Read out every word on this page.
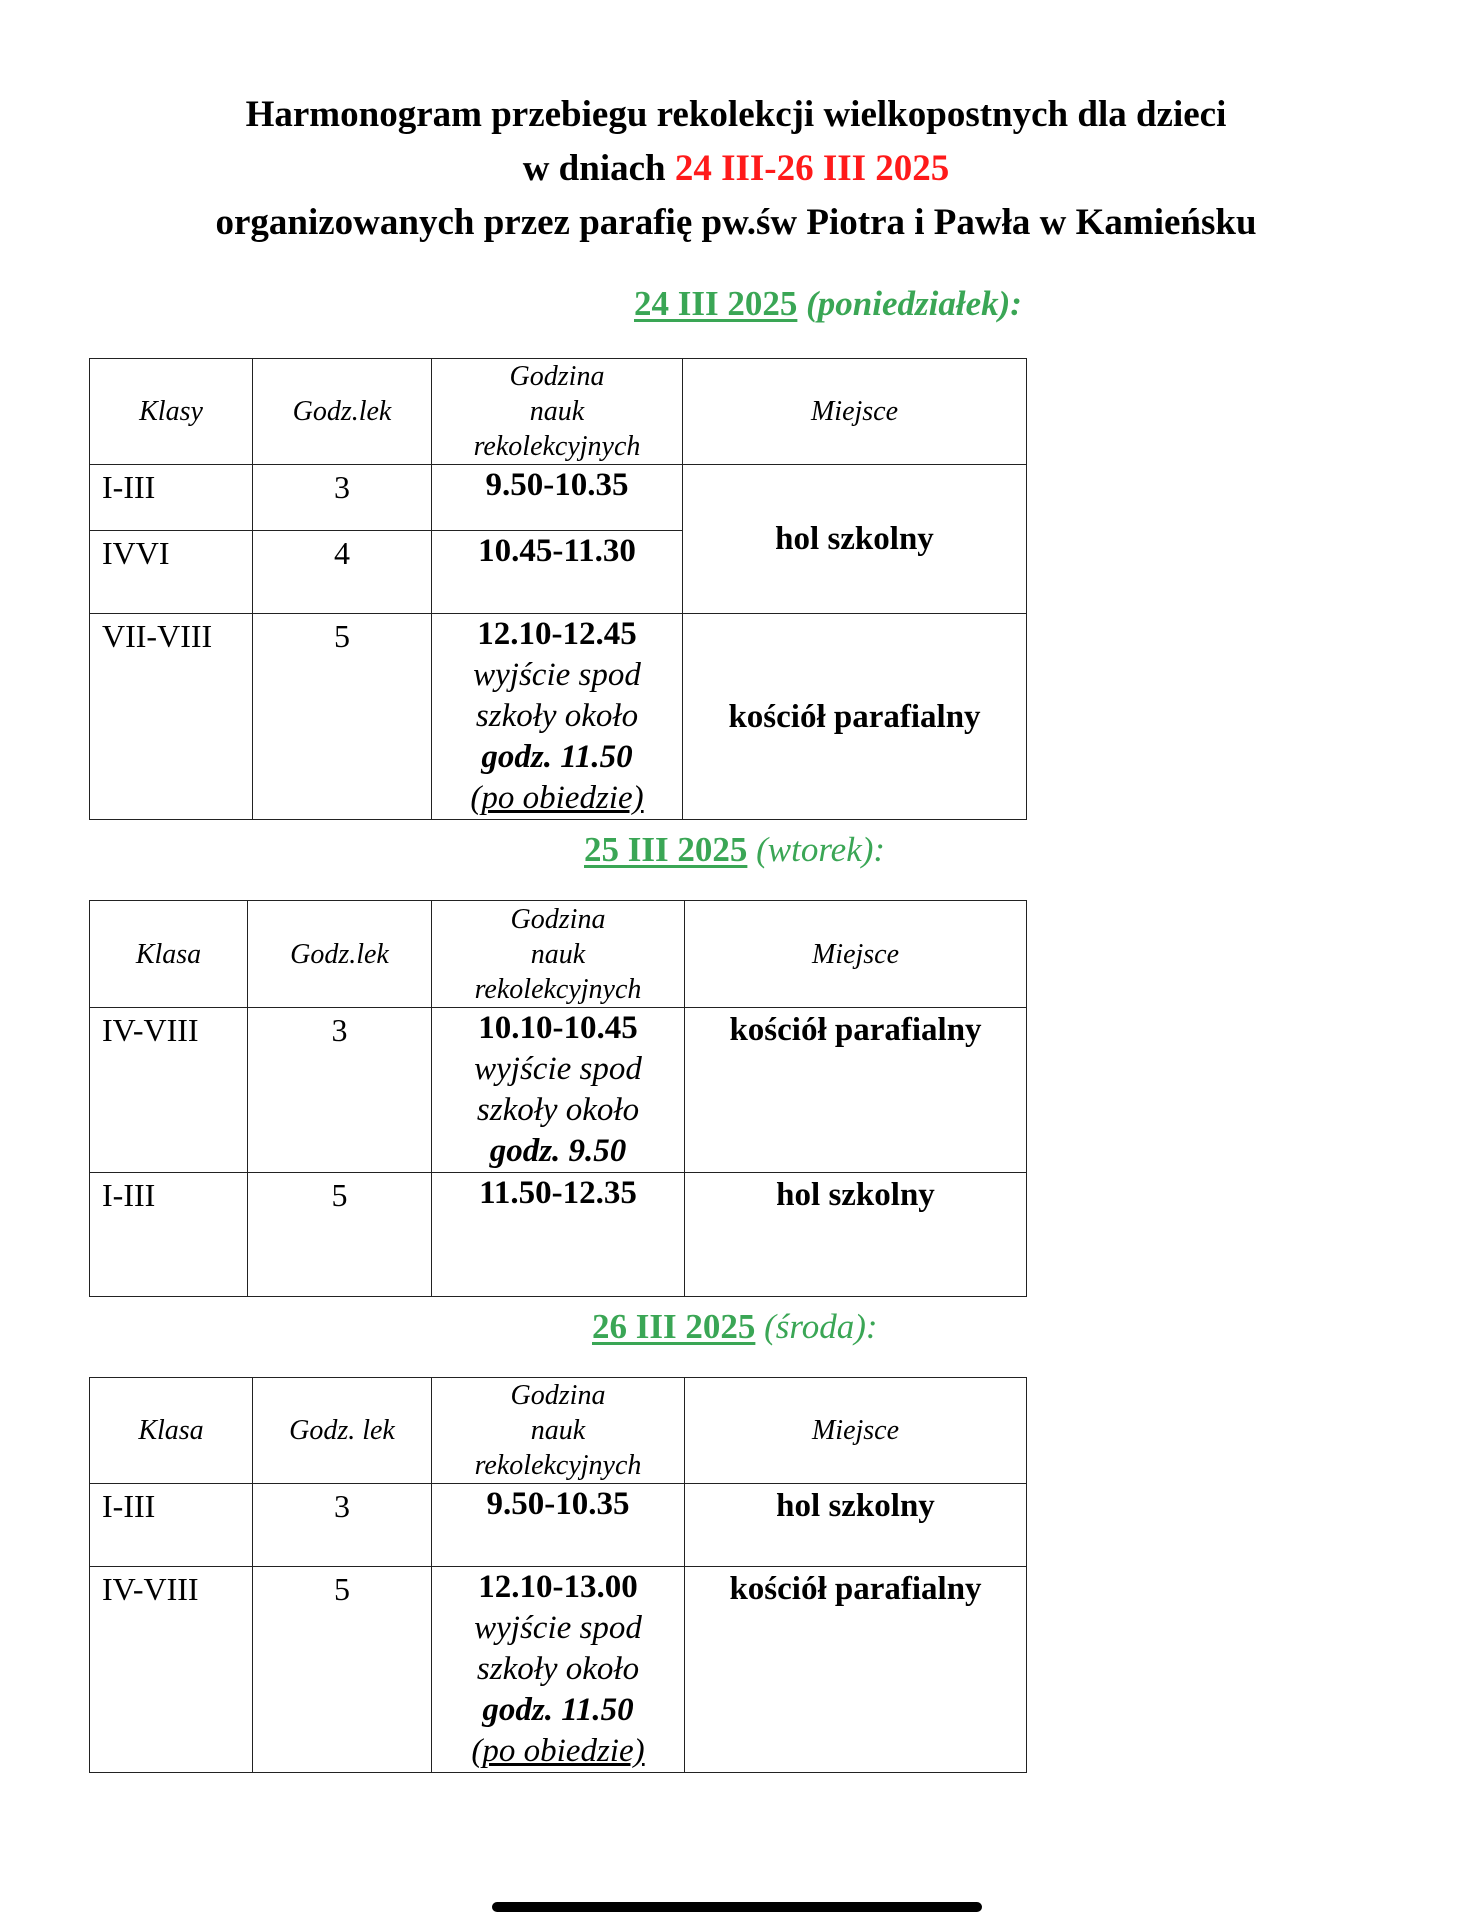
Harmonogram przebiegu rekolekcji wielkopostnych dla dzieci
w dniach 24 III-26 III 2025
organizowanych przez parafię pw.św Piotra i Pawła w Kamieńsku
24 III 2025 (poniedziałek):
Klasy	Godz.lek	Godzina
nauk
rekolekcyjnych	Miejsce
I-III	3	9.50-10.35	hol szkolny
IVVI	4	10.45-11.30	
VII-VIII	5	12.10-12.45
wyjście spod
szkoły około
godz. 11.50
(po obiedzie)	kościół parafialny
25 III 2025 (wtorek):
Klasa	Godz.lek	Godzina
nauk
rekolekcyjnych	Miejsce
IV-VIII	3	10.10-10.45
wyjście spod
szkoły około
godz. 9.50	kościół parafialny
I-III	5	11.50-12.35	hol szkolny
26 III 2025 (środa):
Klasa	Godz. lek	Godzina
nauk
rekolekcyjnych	Miejsce
I-III	3	9.50-10.35	hol szkolny
IV-VIII	5	12.10-13.00
wyjście spod
szkoły około
godz. 11.50
(po obiedzie)	kościół parafialny
